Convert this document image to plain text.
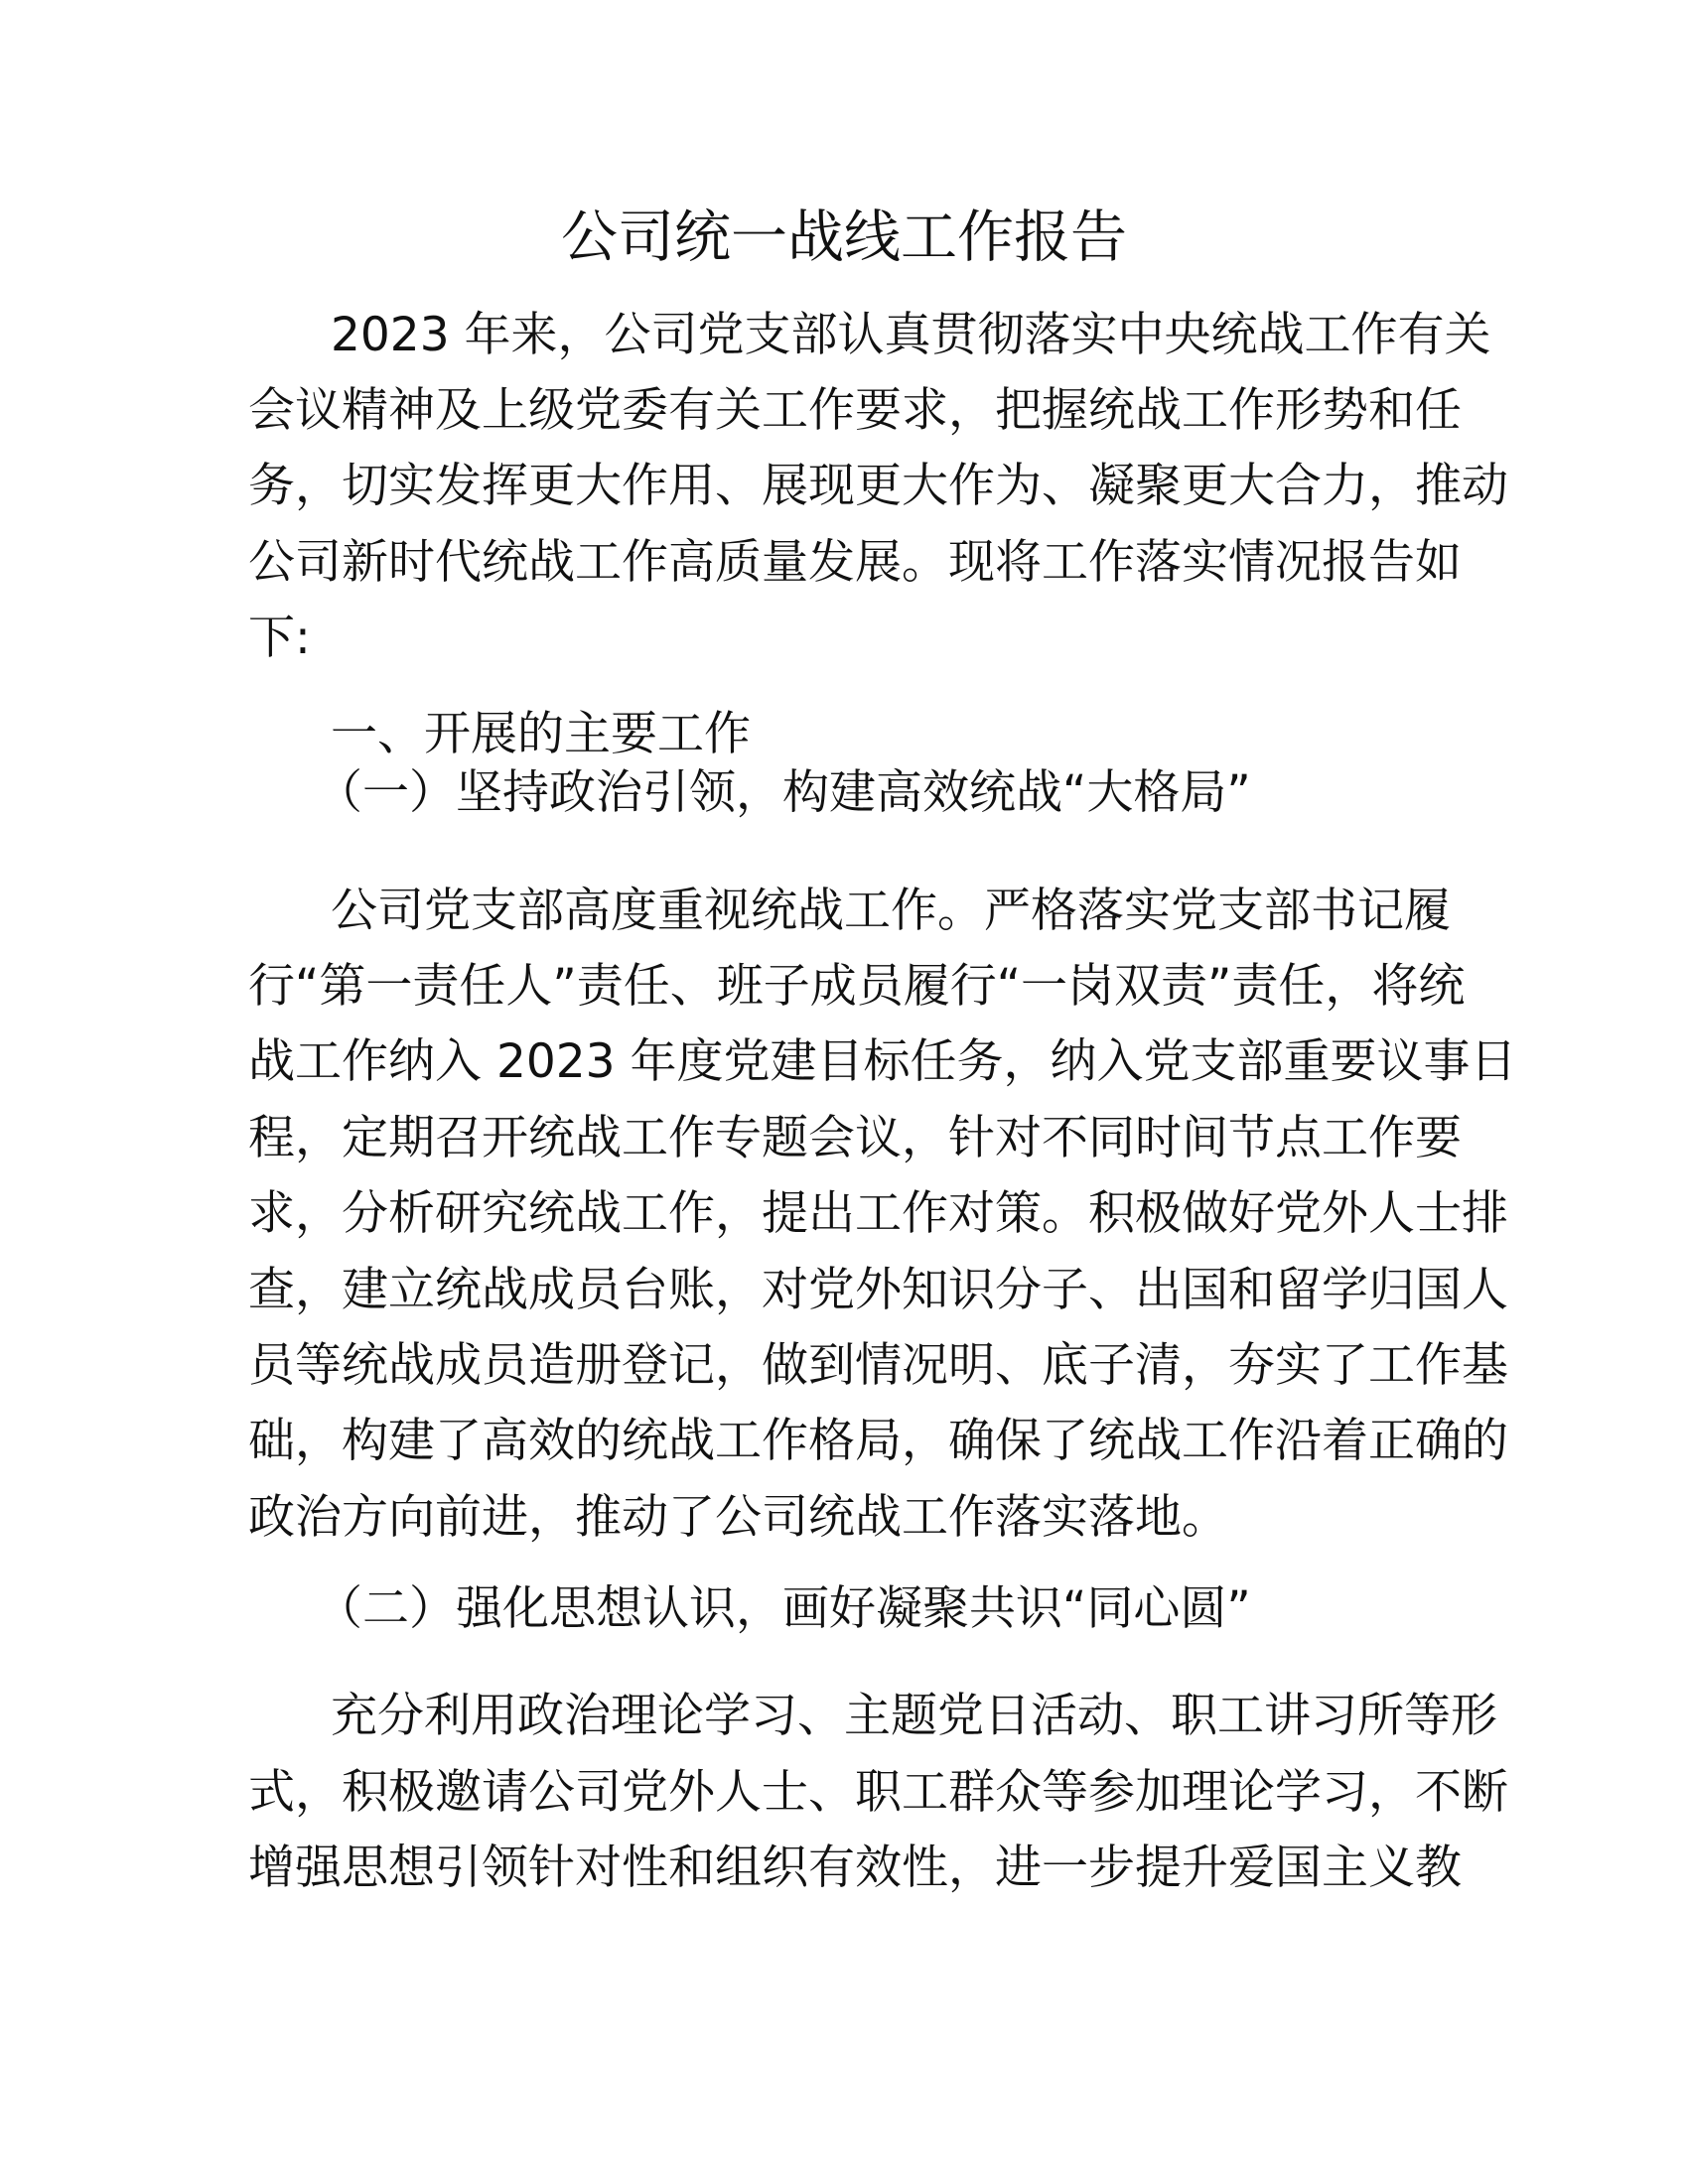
公司统一战线工作报告
2023 年来，公司党支部认真贯彻落实中央统战工作有关
会议精神及上级党委有关工作要求，把握统战工作形势和任
务，切实发挥更大作用、展现更大作为、凝聚更大合力，推动
公司新时代统战工作高质量发展。现将工作落实情况报告如
下:
一、开展的主要工作
（一）坚持政治引领，构建高效统战“大格局”
公司党支部高度重视统战工作。严格落实党支部书记履
行“第一责任人”责任、班子成员履行“一岗双责”责任，将统
战工作纳入 2023 年度党建目标任务，纳入党支部重要议事日
程，定期召开统战工作专题会议，针对不同时间节点工作要
求，分析研究统战工作，提出工作对策。积极做好党外人士排
查，建立统战成员台账，对党外知识分子、出国和留学归国人
员等统战成员造册登记，做到情况明、底子清，夯实了工作基
础，构建了高效的统战工作格局，确保了统战工作沿着正确的
政治方向前进，推动了公司统战工作落实落地。
（二）强化思想认识，画好凝聚共识“同心圆”
充分利用政治理论学习、主题党日活动、职工讲习所等形
式，积极邀请公司党外人士、职工群众等参加理论学习，不断
增强思想引领针对性和组织有效性，进一步提升爱国主义教
